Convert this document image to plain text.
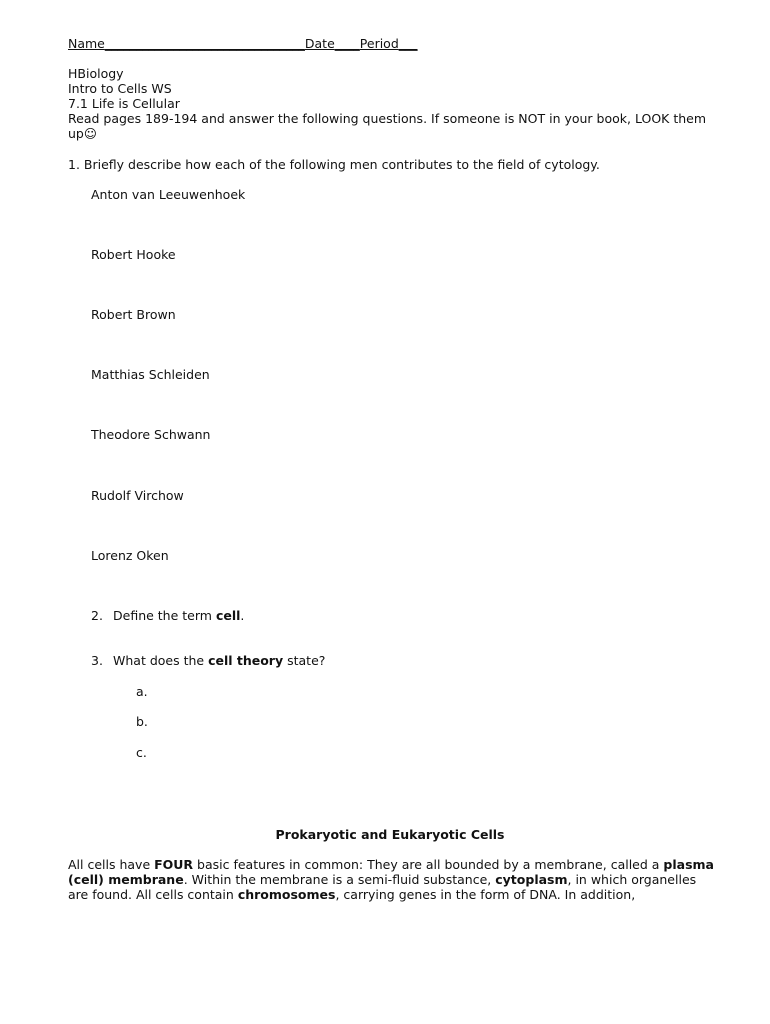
Name________________________________Date____Period___
HBiology
Intro to Cells WS
7.1 Life is Cellular
Read pages 189-194 and answer the following questions. If someone is NOT in your book, LOOK them up☺
1. Briefly describe how each of the following men contributes to the field of cytology.
Anton van Leeuwenhoek
Robert Hooke
Robert Brown
Matthias Schleiden
Theodore Schwann
Rudolf Virchow
Lorenz Oken
2. Define the term cell.
3. What does the cell theory state?
a.
b.
c.
Prokaryotic and Eukaryotic Cells
All cells have FOUR basic features in common: They are all bounded by a membrane, called a plasma (cell) membrane. Within the membrane is a semi-fluid substance, cytoplasm, in which organelles are found. All cells contain chromosomes, carrying genes in the form of DNA. In addition,
